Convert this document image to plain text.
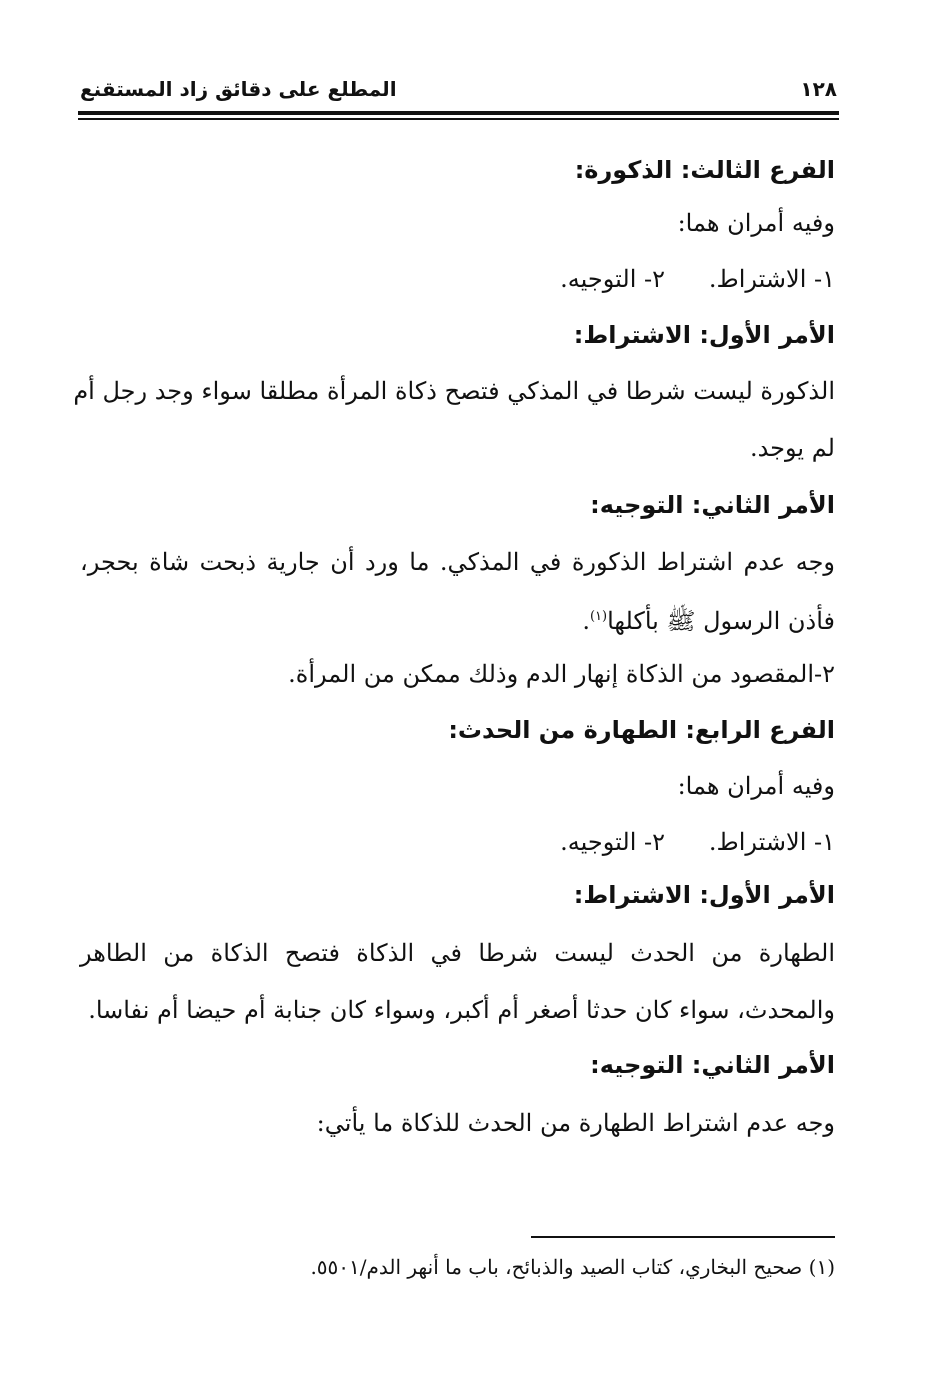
١٢٨
المطلع على دقائق زاد المستقنع
الفرع الثالث: الذكورة:
وفيه أمران هما:
١- الاشتراط.
٢- التوجيه.
الأمر الأول: الاشتراط:
الذكورة ليست شرطا في المذكي فتصح ذكاة المرأة مطلقا سواء وجد رجل أم
لم يوجد.
الأمر الثاني: التوجيه:
وجه عدم اشتراط الذكورة في المذكي. ما ورد أن جارية ذبحت شاة بحجر،
فأذن الرسول ﷺ بأكلها$^{(١)}$.
٢-المقصود من الذكاة إنهار الدم وذلك ممكن من المرأة.
الفرع الرابع: الطهارة من الحدث:
وفيه أمران هما:
١- الاشتراط.
٢- التوجيه.
الأمر الأول: الاشتراط:
الطهارة من الحدث ليست شرطا في الذكاة فتصح الذكاة من الطاهر
والمحدث، سواء كان حدثا أصغر أم أكبر، وسواء كان جنابة أم حيضا أم نفاسا.
الأمر الثاني: التوجيه:
وجه عدم اشتراط الطهارة من الحدث للذكاة ما يأتي:
(١) صحيح البخاري، كتاب الصيد والذبائح، باب ما أنهر الدم/٥٥٠١.
